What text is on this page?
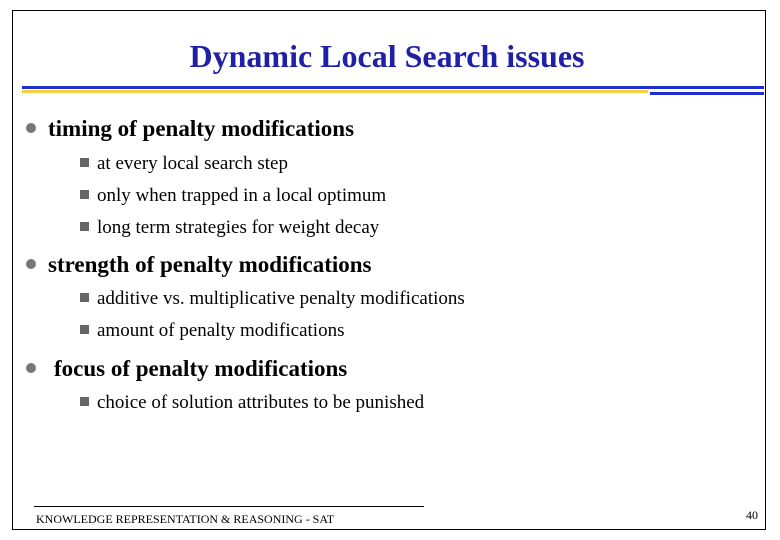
Dynamic Local Search issues
timing of penalty modifications
at every local search step
only when trapped in a local optimum
long term strategies for weight decay
strength of penalty modifications
additive vs. multiplicative penalty modifications
amount of penalty modifications
focus of penalty modifications
choice of solution attributes to be punished
KNOWLEDGE REPRESENTATION & REASONING - SAT	40
